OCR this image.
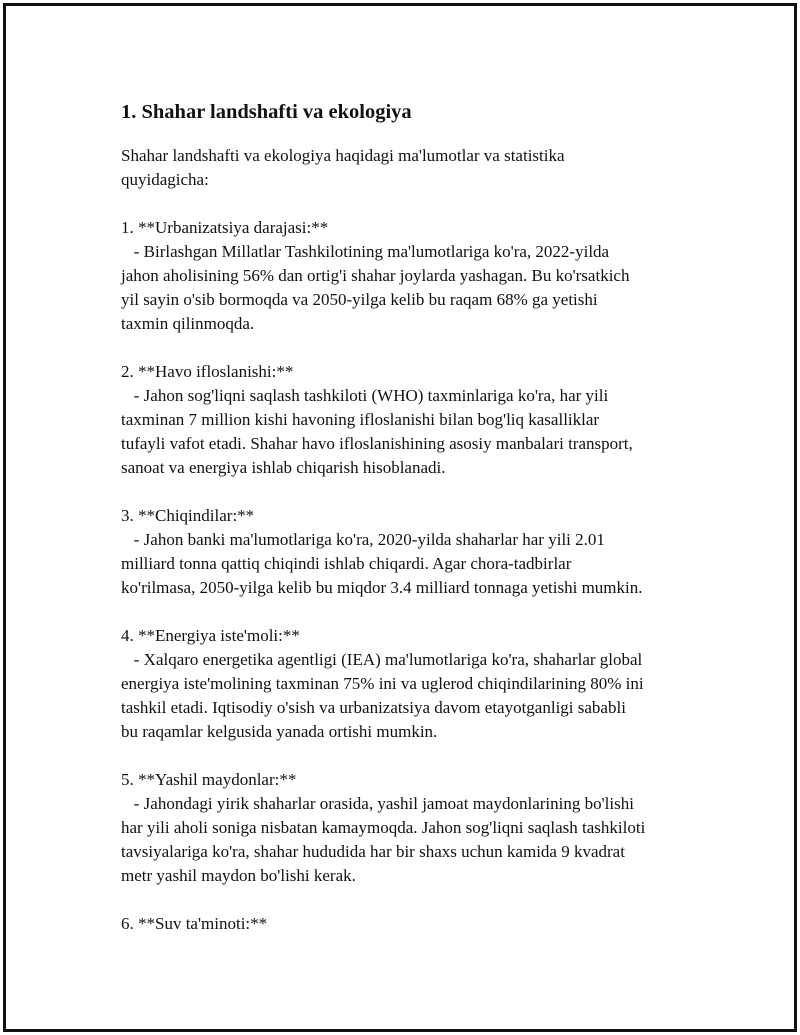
1. Shahar landshafti va ekologiya

Shahar landshafti va ekologiya haqidagi ma'lumotlar va statistika
quyidagicha:

1. **Urbanizatsiya darajasi:**
- Birlashgan Millatlar Tashkilotining ma'lumotlariga ko'ra, 2022-yilda
jahon aholisining 56% dan ortig'i shahar joylarda yashagan. Bu ko'rsatkich
yil sayin o'sib bormoqda va 2050-yilga kelib bu raqam 68% ga yetishi
taxmin qilinmoqda.
2. **Havo ifloslanishi:**
- Jahon sog'liqni saqlash tashkiloti (WHO) taxminlariga ko'ra, har yili
taxminan 7 million kishi havoning ifloslanishi bilan bog'liq kasalliklar
tufayli vafot etadi. Shahar havo ifloslanishining asosiy manbalari transport,
sanoat va energiya ishlab chiqarish hisoblanadi.
3. **Chiqindilar:**
- Jahon banki ma'lumotlariga ko'ra, 2020-yilda shaharlar har yili 2.01
milliard tonna qattiq chiqindi ishlab chiqardi. Agar chora-tadbirlar
ko'rilmasa, 2050-yilga kelib bu miqdor 3.4 milliard tonnaga yetishi mumkin.
4. **Energiya iste'moli:**
- Xalqaro energetika agentligi (IEA) ma'lumotlariga ko'ra, shaharlar global
energiya iste'molining taxminan 75% ini va uglerod chiqindilarining 80% ini
tashkil etadi. Iqtisodiy o'sish va urbanizatsiya davom etayotganligi sababli
bu raqamlar kelgusida yanada ortishi mumkin.
5. **Yashil maydonlar:**
- Jahondagi yirik shaharlar orasida, yashil jamoat maydonlarining bo'lishi
har yili aholi soniga nisbatan kamaymoqda. Jahon sog'liqni saqlash tashkiloti
tavsiyalariga ko'ra, shahar hududida har bir shaxs uchun kamida 9 kvadrat
metr yashil maydon bo'lishi kerak.
6. **Suv ta'minoti:**
